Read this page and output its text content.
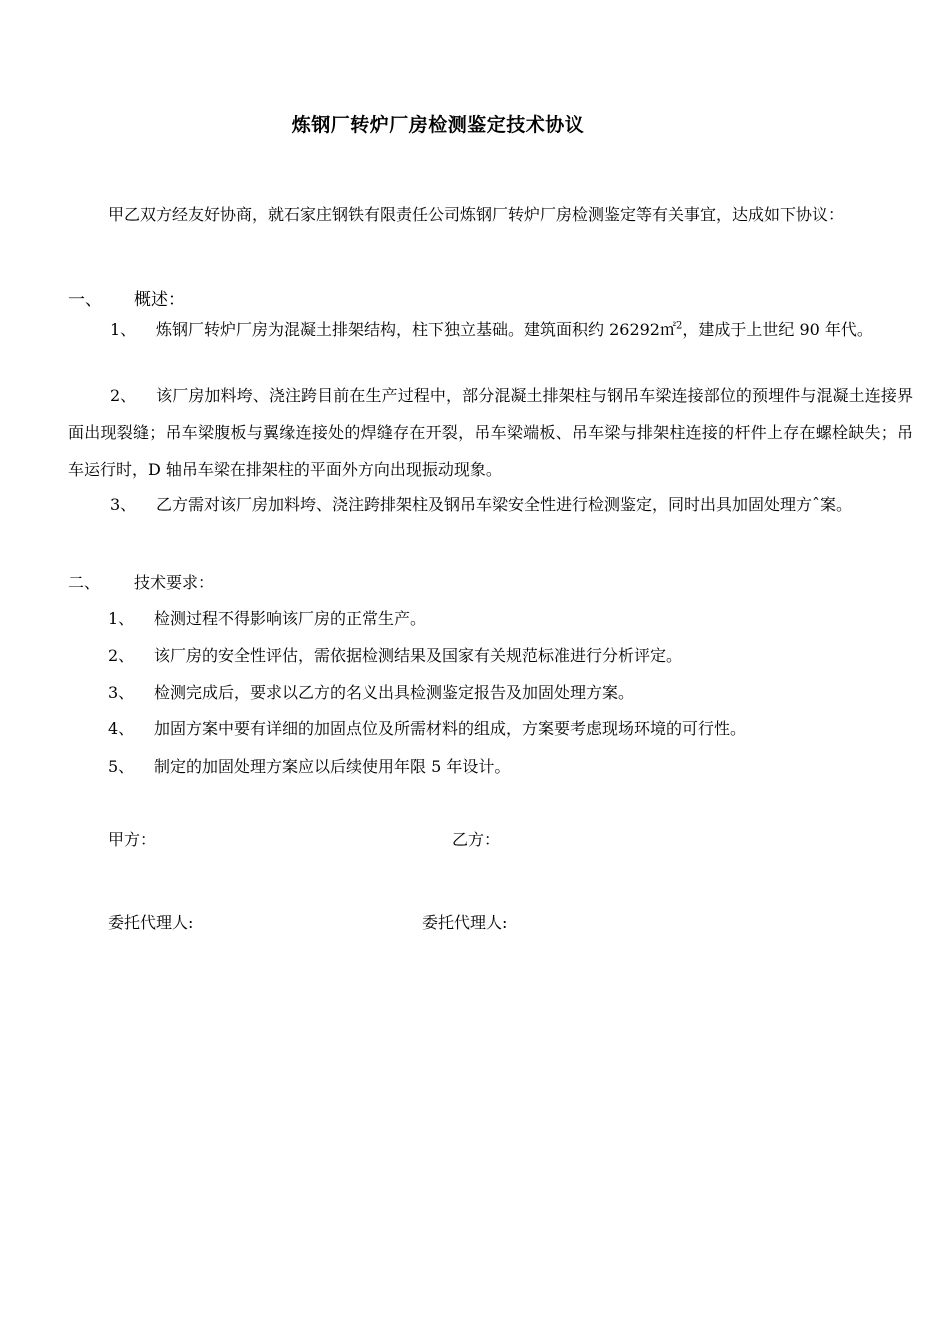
炼钢厂转炉厂房检测鉴定技术协议
甲乙双方经友好协商，就石家庄钢铁有限责任公司炼钢厂转炉厂房检测鉴定等有关事宜，达成如下协议：
一、 概述：
1、 炼钢厂转炉厂房为混凝土排架结构，柱下独立基础。建筑面积约 26292㎡$^2$，建成于上世纪 90 年代。
2、 该厂房加料垮、浇注跨目前在生产过程中，部分混凝土排架柱与钢吊车梁连接部位的预埋件与混凝土连接界面出现裂缝；吊车梁腹板与翼缘连接处的焊缝存在开裂，吊车梁端板、吊车梁与排架柱连接的杆件上存在螺栓缺失；吊车运行时，D 轴吊车梁在排架柱的平面外方向出现振动现象。
3、 乙方需对该厂房加料垮、浇注跨排架柱及钢吊车梁安全性进行检测鉴定，同时出具加固处理方ˆ案。
二、 技术要求：
1、 检测过程不得影响该厂房的正常生产。
2、 该厂房的安全性评估，需依据检测结果及国家有关规范标准进行分析评定。
3、 检测完成后，要求以乙方的名义出具检测鉴定报告及加固处理方案。
4、 加固方案中要有详细的加固点位及所需材料的组成，方案要考虑现场环境的可行性。
5、 制定的加固处理方案应以后续使用年限 5 年设计。
甲方：	乙方：
委托代理人:	委托代理人:
